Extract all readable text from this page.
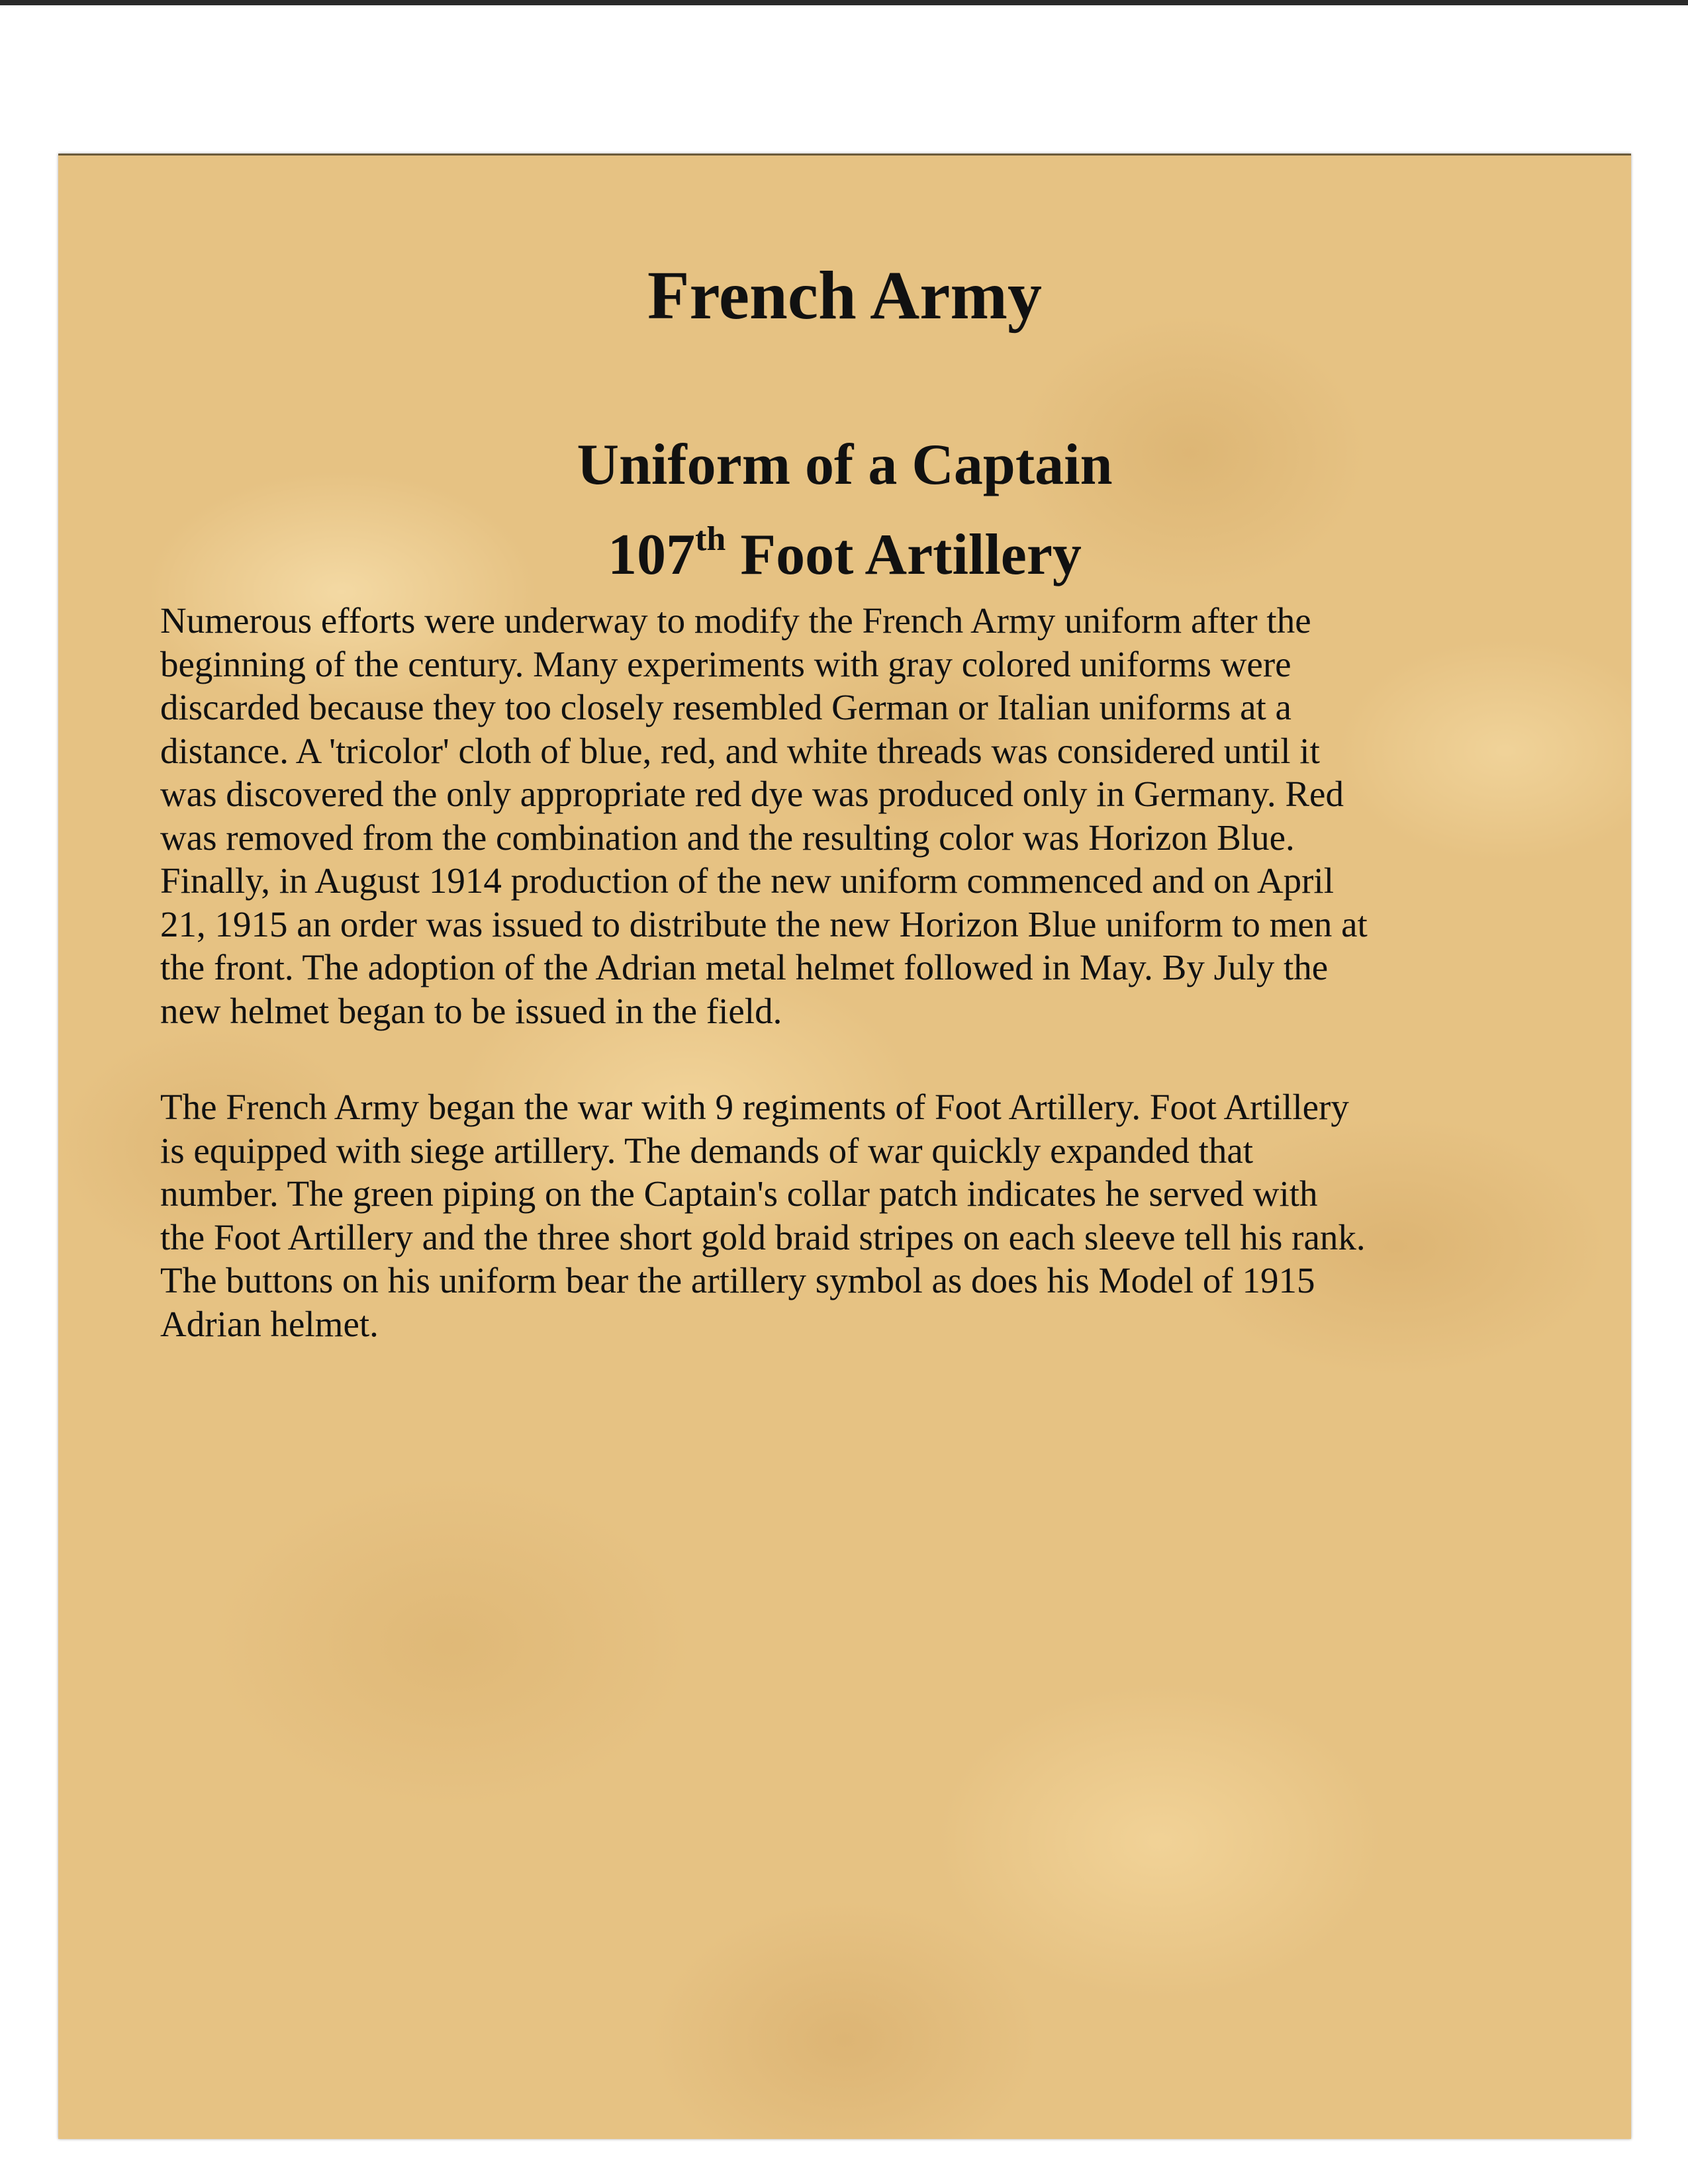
French Army
Uniform of a Captain
107th Foot Artillery

Numerous efforts were underway to modify the French Army uniform after the
beginning of the century. Many experiments with gray colored uniforms were
discarded because they too closely resembled German or Italian uniforms at a
distance. A 'tricolor' cloth of blue, red, and white threads was considered until it
was discovered the only appropriate red dye was produced only in Germany. Red
was removed from the combination and the resulting color was Horizon Blue.
Finally, in August 1914 production of the new uniform commenced and on April
21, 1915 an order was issued to distribute the new Horizon Blue uniform to men at
the front. The adoption of the Adrian metal helmet followed in May. By July the
new helmet began to be issued in the field.

The French Army began the war with 9 regiments of Foot Artillery. Foot Artillery
is equipped with siege artillery. The demands of war quickly expanded that
number. The green piping on the Captain's collar patch indicates he served with
the Foot Artillery and the three short gold braid stripes on each sleeve tell his rank.
The buttons on his uniform bear the artillery symbol as does his Model of 1915
Adrian helmet.
